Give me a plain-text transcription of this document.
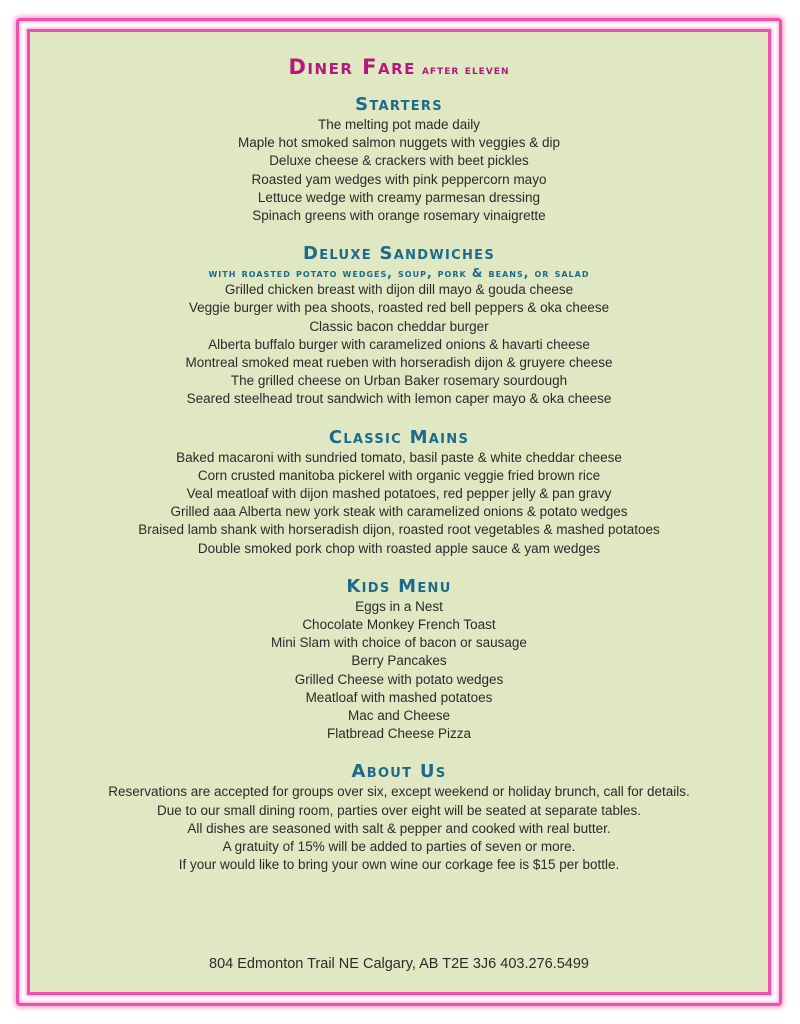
Diner Fare after eleven
Starters
The melting pot made daily
Maple hot smoked salmon nuggets with veggies & dip
Deluxe cheese & crackers with beet pickles
Roasted yam wedges with pink peppercorn mayo
Lettuce wedge with creamy parmesan dressing
Spinach greens with orange rosemary vinaigrette
Deluxe Sandwiches
with roasted potato wedges, soup, pork & beans, or salad
Grilled chicken breast with dijon dill mayo & gouda cheese
Veggie burger with pea shoots, roasted red bell peppers & oka cheese
Classic bacon cheddar burger
Alberta buffalo burger with caramelized onions & havarti cheese
Montreal smoked meat rueben with horseradish dijon & gruyere cheese
The grilled cheese on Urban Baker rosemary sourdough
Seared steelhead trout sandwich with lemon caper mayo & oka cheese
Classic Mains
Baked macaroni with sundried tomato, basil paste & white cheddar cheese
Corn crusted manitoba pickerel with organic veggie fried brown rice
Veal meatloaf with dijon mashed potatoes, red pepper jelly & pan gravy
Grilled aaa Alberta new york steak with caramelized onions & potato wedges
Braised lamb shank with horseradish dijon, roasted root vegetables & mashed potatoes
Double smoked pork chop with roasted apple sauce & yam wedges
Kids Menu
Eggs in a Nest
Chocolate Monkey French Toast
Mini Slam with choice of bacon or sausage
Berry Pancakes
Grilled Cheese with potato wedges
Meatloaf with mashed potatoes
Mac and Cheese
Flatbread Cheese Pizza
About Us
Reservations are accepted for groups over six, except weekend or holiday brunch, call for details.
Due to our small dining room, parties over eight will be seated at separate tables.
All dishes are seasoned with salt & pepper and cooked with real butter.
A gratuity of 15% will be added to parties of seven or more.
If your would like to bring your own wine our corkage fee is $15 per bottle.
804 Edmonton Trail NE Calgary, AB T2E 3J6 403.276.5499
